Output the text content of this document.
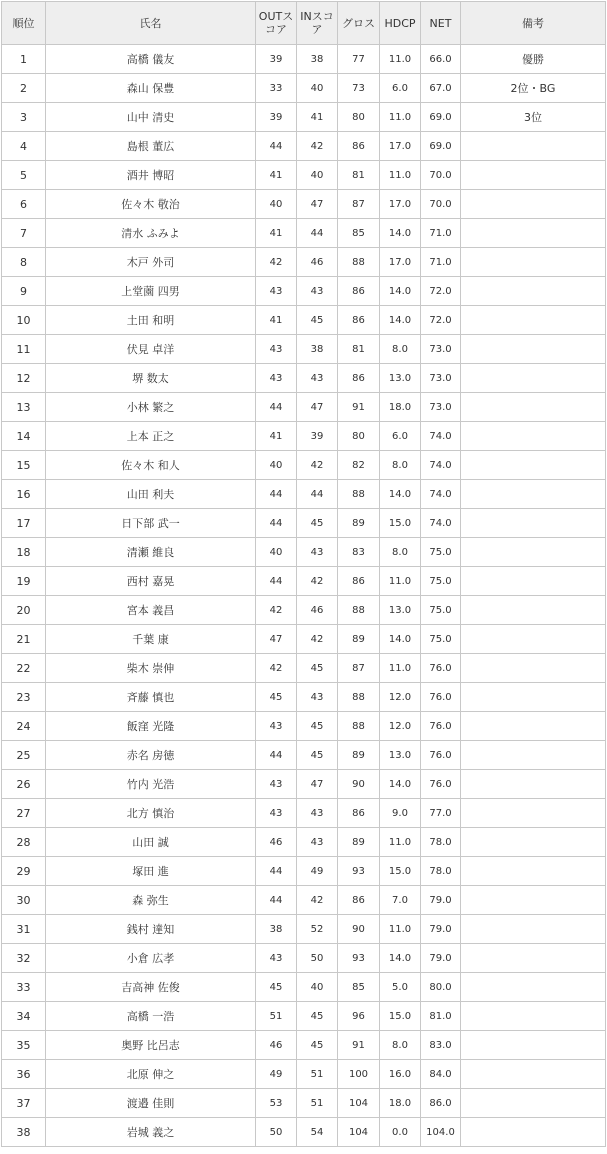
順位	氏名	OUTスコア	INスコア	グロス	HDCP	NET	備考
1	高橋 儀友	39	38	77	11.0	66.0	優勝
2	森山 保豊	33	40	73	6.0	67.0	2位・BG
3	山中 清史	39	41	80	11.0	69.0	3位
4	島根 董広	44	42	86	17.0	69.0	
5	酒井 博昭	41	40	81	11.0	70.0	
6	佐々木 敬治	40	47	87	17.0	70.0	
7	清水 ふみよ	41	44	85	14.0	71.0	
8	木戸 外司	42	46	88	17.0	71.0	
9	上堂薗 四男	43	43	86	14.0	72.0	
10	土田 和明	41	45	86	14.0	72.0	
11	伏見 卓洋	43	38	81	8.0	73.0	
12	堺 数太	43	43	86	13.0	73.0	
13	小林 繁之	44	47	91	18.0	73.0	
14	上本 正之	41	39	80	6.0	74.0	
15	佐々木 和人	40	42	82	8.0	74.0	
16	山田 利夫	44	44	88	14.0	74.0	
17	日下部 武一	44	45	89	15.0	74.0	
18	清瀬 維良	40	43	83	8.0	75.0	
19	西村 嘉晃	44	42	86	11.0	75.0	
20	宮本 義昌	42	46	88	13.0	75.0	
21	千葉 康	47	42	89	14.0	75.0	
22	柴木 崇伸	42	45	87	11.0	76.0	
23	斉藤 慎也	45	43	88	12.0	76.0	
24	飯窪 光隆	43	45	88	12.0	76.0	
25	赤名 房徳	44	45	89	13.0	76.0	
26	竹内 光浩	43	47	90	14.0	76.0	
27	北方 慎治	43	43	86	9.0	77.0	
28	山田 誠	46	43	89	11.0	78.0	
29	塚田 進	44	49	93	15.0	78.0	
30	森 弥生	44	42	86	7.0	79.0	
31	銭村 達知	38	52	90	11.0	79.0	
32	小倉 広孝	43	50	93	14.0	79.0	
33	吉高神 佐俊	45	40	85	5.0	80.0	
34	高橋 一浩	51	45	96	15.0	81.0	
35	奥野 比呂志	46	45	91	8.0	83.0	
36	北原 伸之	49	51	100	16.0	84.0	
37	渡邉 佳則	53	51	104	18.0	86.0	
38	岩城 義之	50	54	104	0.0	104.0	
